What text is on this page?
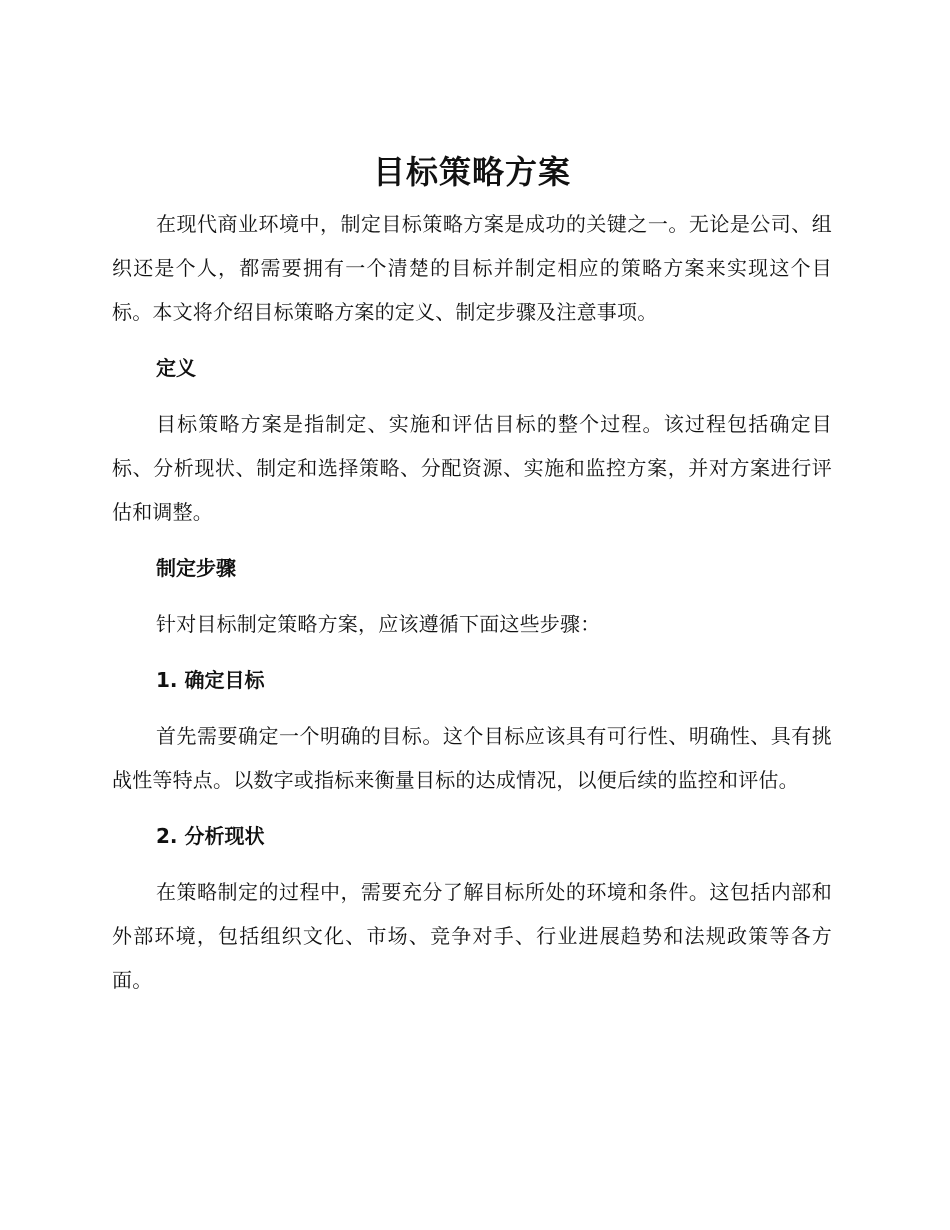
目标策略方案

在现代商业环境中，制定目标策略方案是成功的关键之一。无论是公司、组织还是个人，都需要拥有一个清楚的目标并制定相应的策略方案来实现这个目标。本文将介绍目标策略方案的定义、制定步骤及注意事项。

定义

目标策略方案是指制定、实施和评估目标的整个过程。该过程包括确定目标、分析现状、制定和选择策略、分配资源、实施和监控方案，并对方案进行评估和调整。

制定步骤

针对目标制定策略方案，应该遵循下面这些步骤：

1. 确定目标

首先需要确定一个明确的目标。这个目标应该具有可行性、明确性、具有挑战性等特点。以数字或指标来衡量目标的达成情况，以便后续的监控和评估。

2. 分析现状

在策略制定的过程中，需要充分了解目标所处的环境和条件。这包括内部和外部环境，包括组织文化、市场、竞争对手、行业进展趋势和法规政策等各方面。
